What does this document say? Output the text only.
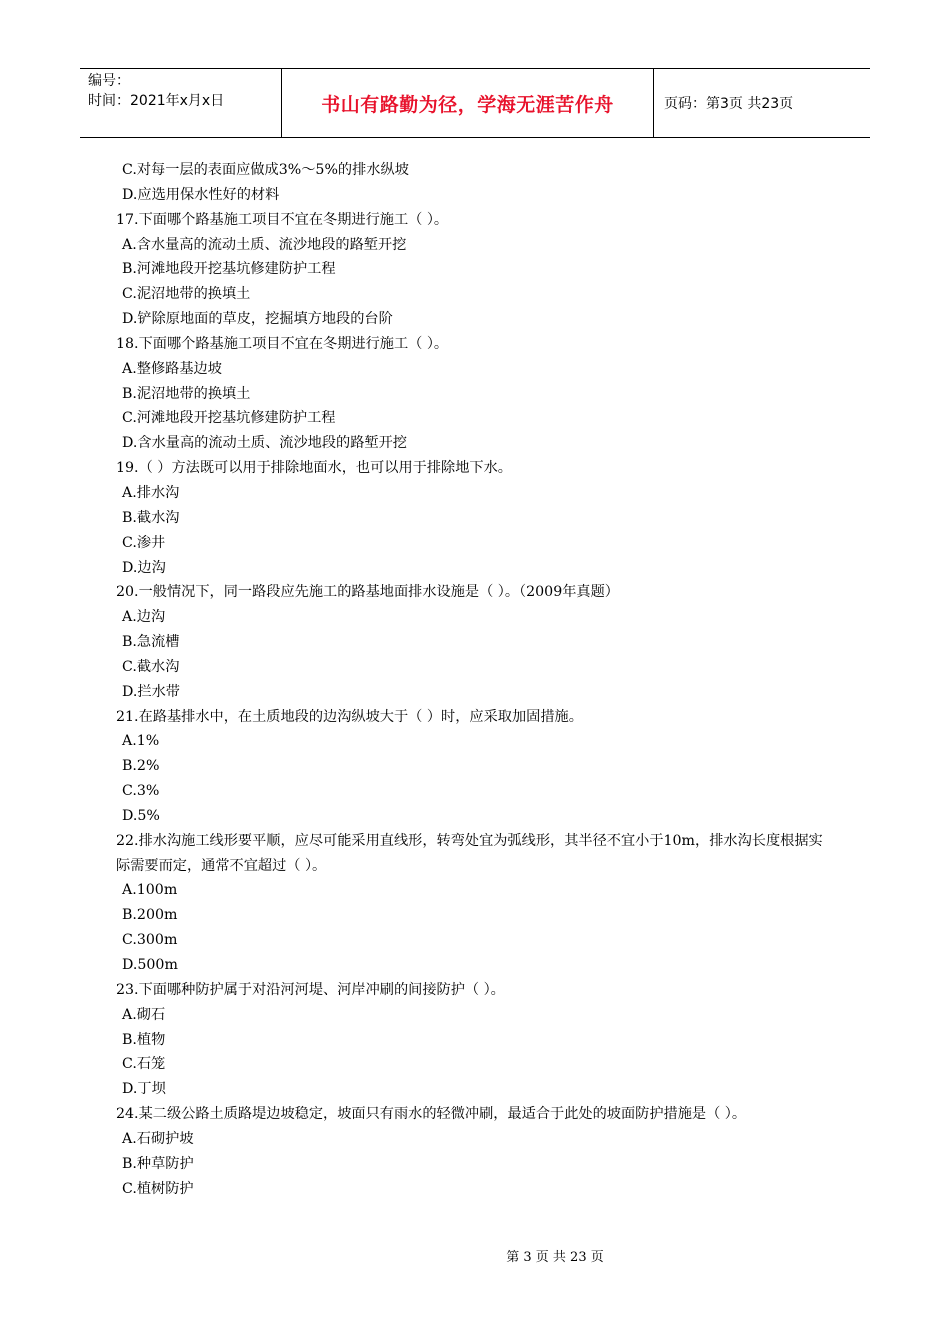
编号：
时间：2021年x月x日	书山有路勤为径，学海无涯苦作舟	页码：第3页 共23页

C.对每一层的表面应做成3%～5%的排水纵坡

D.应选用保水性好的材料

17.下面哪个路基施工项目不宜在冬期进行施工（ ）。

A.含水量高的流动土质、流沙地段的路堑开挖

B.河滩地段开挖基坑修建防护工程

C.泥沼地带的换填土

D.铲除原地面的草皮，挖掘填方地段的台阶

18.下面哪个路基施工项目不宜在冬期进行施工（ ）。

A.整修路基边坡

B.泥沼地带的换填土

C.河滩地段开挖基坑修建防护工程

D.含水量高的流动土质、流沙地段的路堑开挖

19.（ ）方法既可以用于排除地面水，也可以用于排除地下水。

A.排水沟

B.截水沟

C.渗井

D.边沟

20.一般情况下，同一路段应先施工的路基地面排水设施是（ ）。（2009年真题）

A.边沟

B.急流槽

C.截水沟

D.拦水带

21.在路基排水中，在土质地段的边沟纵坡大于（ ）时，应采取加固措施。

A.1%

B.2%

C.3%

D.5%

22.排水沟施工线形要平顺，应尽可能采用直线形，转弯处宜为弧线形，其半径不宜小于10m，排水沟长度根据实际需要而定，通常不宜超过（ ）。

A.100m

B.200m

C.300m

D.500m

23.下面哪种防护属于对沿河河堤、河岸冲刷的间接防护（ ）。

A.砌石

B.植物

C.石笼

D.丁坝

24.某二级公路土质路堤边坡稳定，坡面只有雨水的轻微冲刷，最适合于此处的坡面防护措施是（ ）。

A.石砌护坡

B.种草防护

C.植树防护

第 3 页 共 23 页
